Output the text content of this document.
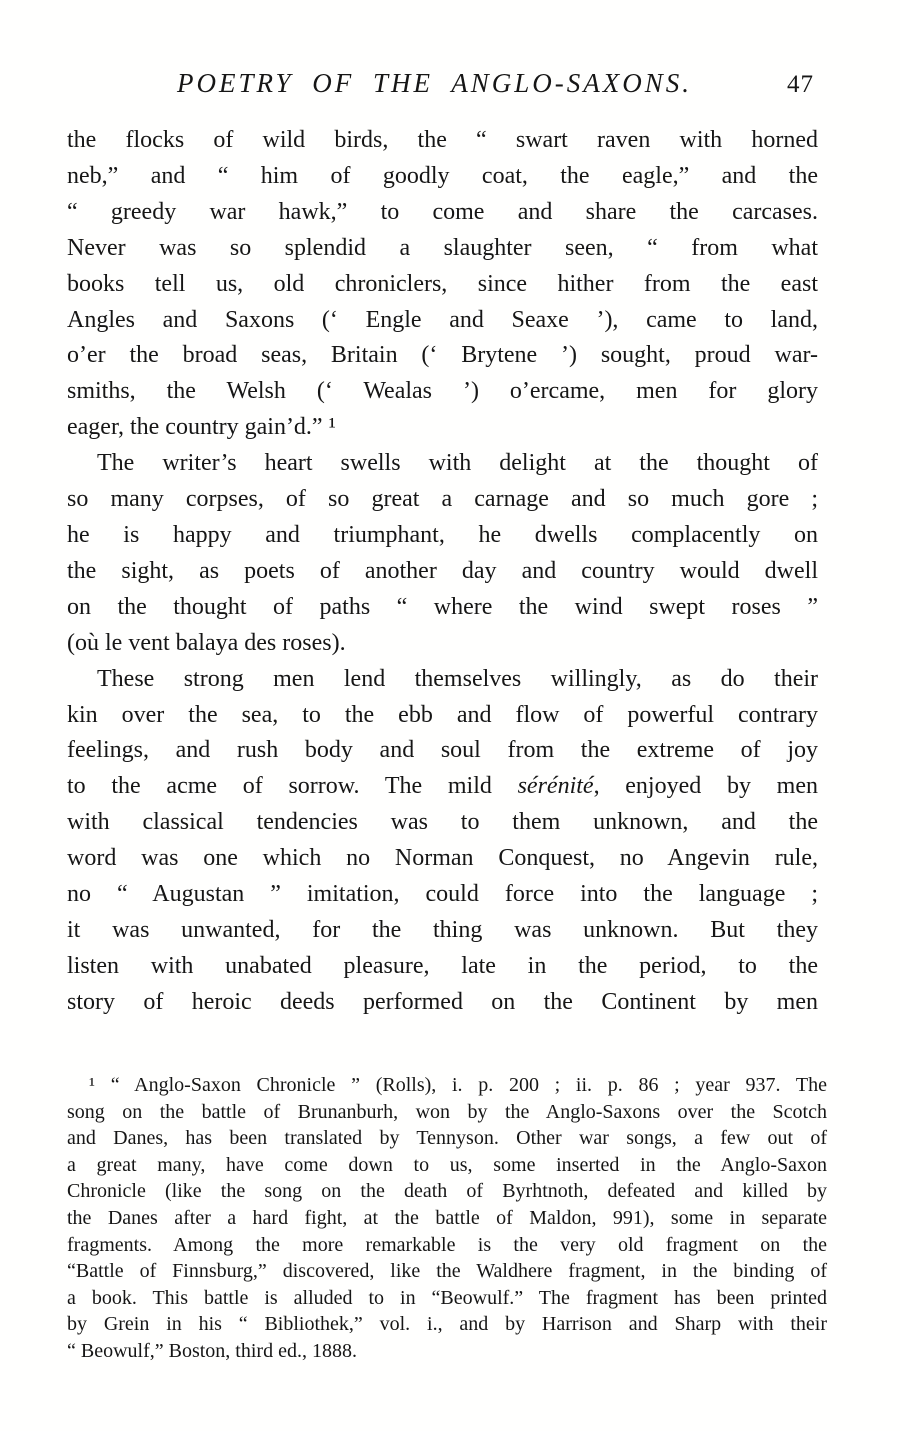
POETRY OF THE ANGLO-SAXONS.	47
the flocks of wild birds, the “ swart raven with horned
neb,” and “ him of goodly coat, the eagle,” and the
“ greedy war hawk,” to come and share the carcases.
Never was so splendid a slaughter seen, “ from what
books tell us, old chroniclers, since hither from the east
Angles and Saxons (‘ Engle and Seaxe ’), came to land,
o’er the broad seas, Britain (‘ Brytene ’) sought, proud war-
smiths, the Welsh (‘ Wealas ’) o’ercame, men for glory
eager, the country gain’d.” ¹
The writer’s heart swells with delight at the thought of
so many corpses, of so great a carnage and so much gore ;
he is happy and triumphant, he dwells complacently on
the sight, as poets of another day and country would dwell
on the thought of paths “ where the wind swept roses ”
(où le vent balaya des roses).
These strong men lend themselves willingly, as do their
kin over the sea, to the ebb and flow of powerful contrary
feelings, and rush body and soul from the extreme of joy
to the acme of sorrow. The mild sérénité, enjoyed by men
with classical tendencies was to them unknown, and the
word was one which no Norman Conquest, no Angevin rule,
no “ Augustan ” imitation, could force into the language ;
it was unwanted, for the thing was unknown. But they
listen with unabated pleasure, late in the period, to the
story of heroic deeds performed on the Continent by men
¹ “ Anglo-Saxon Chronicle ” (Rolls), i. p. 200 ; ii. p. 86 ; year 937. The
song on the battle of Brunanburh, won by the Anglo-Saxons over the Scotch
and Danes, has been translated by Tennyson. Other war songs, a few out of
a great many, have come down to us, some inserted in the Anglo-Saxon
Chronicle (like the song on the death of Byrhtnoth, defeated and killed by
the Danes after a hard fight, at the battle of Maldon, 991), some in separate
fragments. Among the more remarkable is the very old fragment on the
“Battle of Finnsburg,” discovered, like the Waldhere fragment, in the binding of
a book. This battle is alluded to in “Beowulf.” The fragment has been printed
by Grein in his “ Bibliothek,” vol. i., and by Harrison and Sharp with their
“ Beowulf,” Boston, third ed., 1888.
